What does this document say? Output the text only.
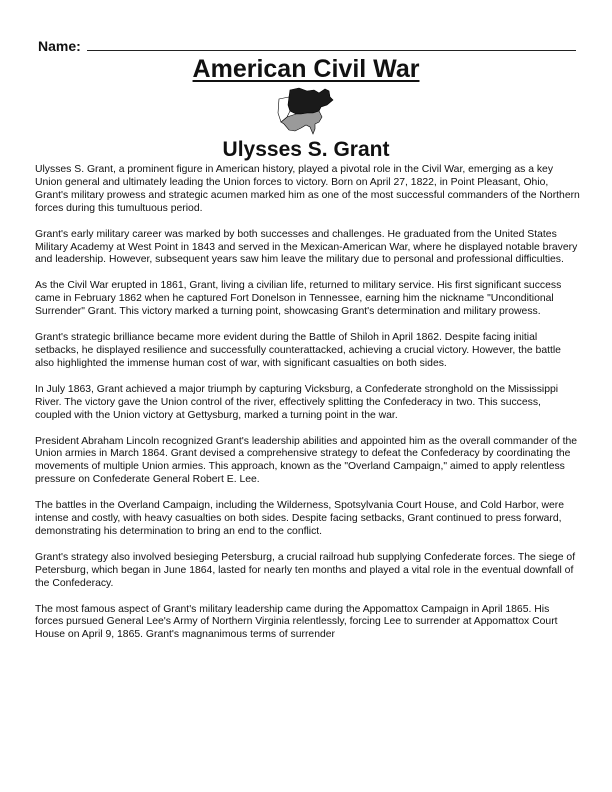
Name:
American Civil War
Ulysses S. Grant

Ulysses S. Grant, a prominent figure in American history, played a pivotal role in the Civil War, emerging as a key Union general and ultimately leading the Union forces to victory. Born on April 27, 1822, in Point Pleasant, Ohio, Grant's military prowess and strategic acumen marked him as one of the most successful commanders of the Northern forces during this tumultuous period.

Grant's early military career was marked by both successes and challenges. He graduated from the United States Military Academy at West Point in 1843 and served in the Mexican-American War, where he displayed notable bravery and leadership. However, subsequent years saw him leave the military due to personal and professional difficulties.

As the Civil War erupted in 1861, Grant, living a civilian life, returned to military service. His first significant success came in February 1862 when he captured Fort Donelson in Tennessee, earning him the nickname "Unconditional Surrender" Grant. This victory marked a turning point, showcasing Grant's determination and military prowess.

Grant's strategic brilliance became more evident during the Battle of Shiloh in April 1862. Despite facing initial setbacks, he displayed resilience and successfully counterattacked, achieving a crucial victory. However, the battle also highlighted the immense human cost of war, with significant casualties on both sides.

In July 1863, Grant achieved a major triumph by capturing Vicksburg, a Confederate stronghold on the Mississippi River. The victory gave the Union control of the river, effectively splitting the Confederacy in two. This success, coupled with the Union victory at Gettysburg, marked a turning point in the war.

President Abraham Lincoln recognized Grant's leadership abilities and appointed him as the overall commander of the Union armies in March 1864. Grant devised a comprehensive strategy to defeat the Confederacy by coordinating the movements of multiple Union armies. This approach, known as the "Overland Campaign," aimed to apply relentless pressure on Confederate General Robert E. Lee.

The battles in the Overland Campaign, including the Wilderness, Spotsylvania Court House, and Cold Harbor, were intense and costly, with heavy casualties on both sides. Despite facing setbacks, Grant continued to press forward, demonstrating his determination to bring an end to the conflict.

Grant's strategy also involved besieging Petersburg, a crucial railroad hub supplying Confederate forces. The siege of Petersburg, which began in June 1864, lasted for nearly ten months and played a vital role in the eventual downfall of the Confederacy.

The most famous aspect of Grant's military leadership came during the Appomattox Campaign in April 1865. His forces pursued General Lee's Army of Northern Virginia relentlessly, forcing Lee to surrender at Appomattox Court House on April 9, 1865. Grant's magnanimous terms of surrender
